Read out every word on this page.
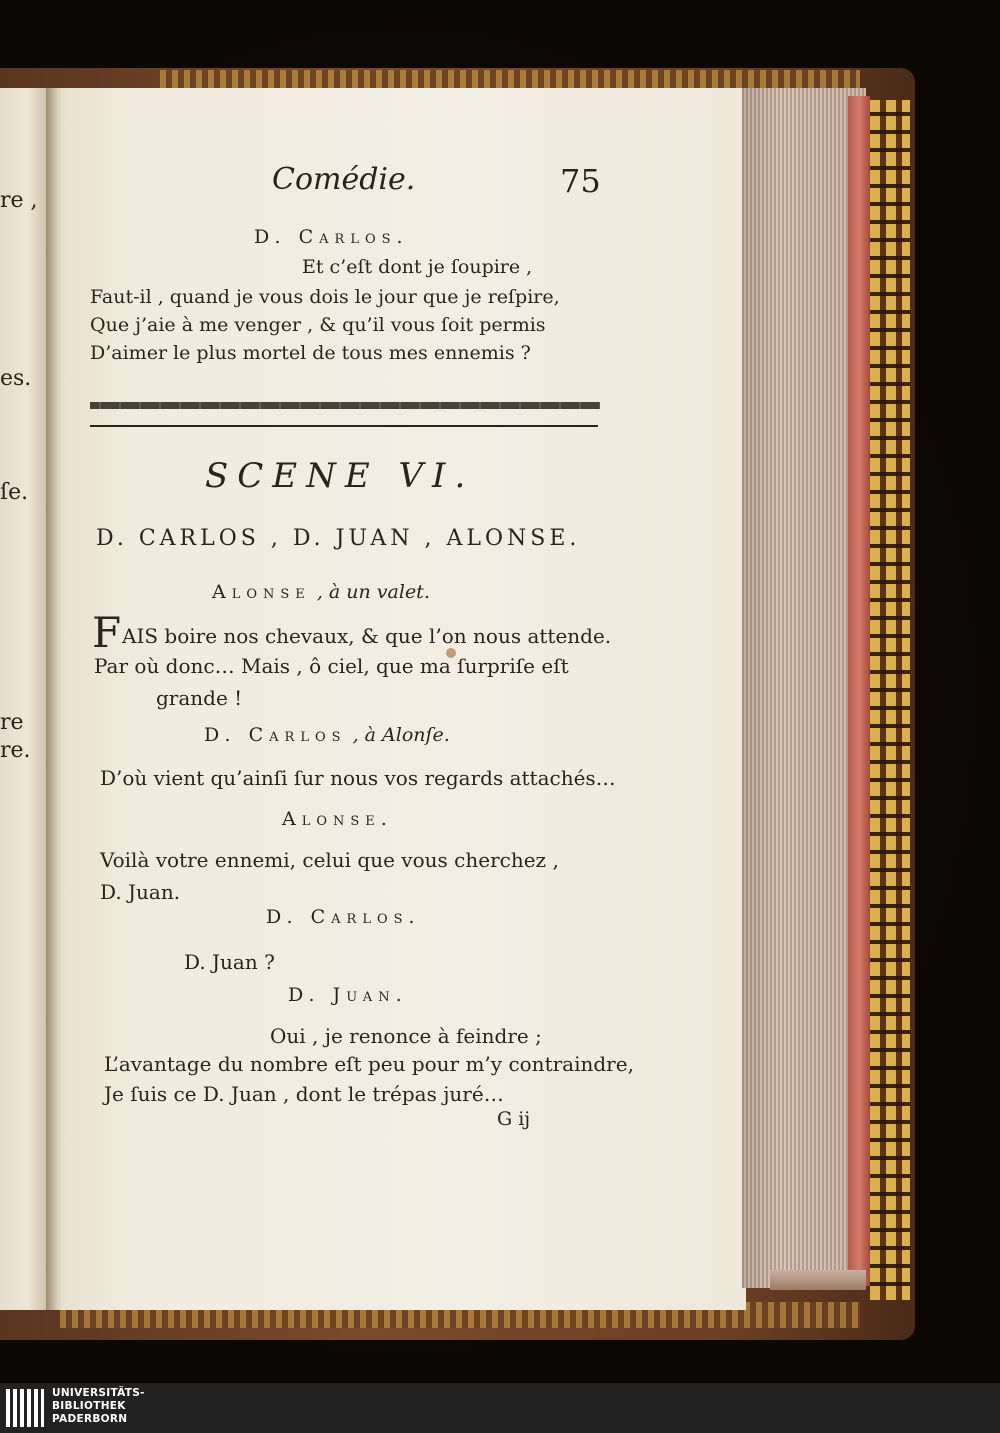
re ,
es.
ſe.
re
re.
Comédie.	75
D. Carlos.
Et c’eſt dont je ſoupire ,
Faut-il , quand je vous dois le jour que je reſpire,
Que j’aie à me venger , & qu’il vous ſoit permis
D’aimer le plus mortel de tous mes ennemis ?
SCENE VI.
D. CARLOS , D. JUAN , ALONSE.
Alonse , à un valet.
F AIS boire nos chevaux, & que l’on nous attende.
Par où donc… Mais , ô ciel, que ma ſurpriſe eſt
grande !
D. Carlos , à Alonſe.
D’où vient qu’ainſi ſur nous vos regards attachés…
Alonse.
Voilà votre ennemi, celui que vous cherchez ,
D. Juan.
D. Carlos.
D. Juan ?
D. Juan.
Oui , je renonce à feindre ;
L’avantage du nombre eſt peu pour m’y contraindre,
Je ſuis ce D. Juan , dont le trépas juré…
G ij
UNIVERSITÄTS-
BIBLIOTHEK
PADERBORN
